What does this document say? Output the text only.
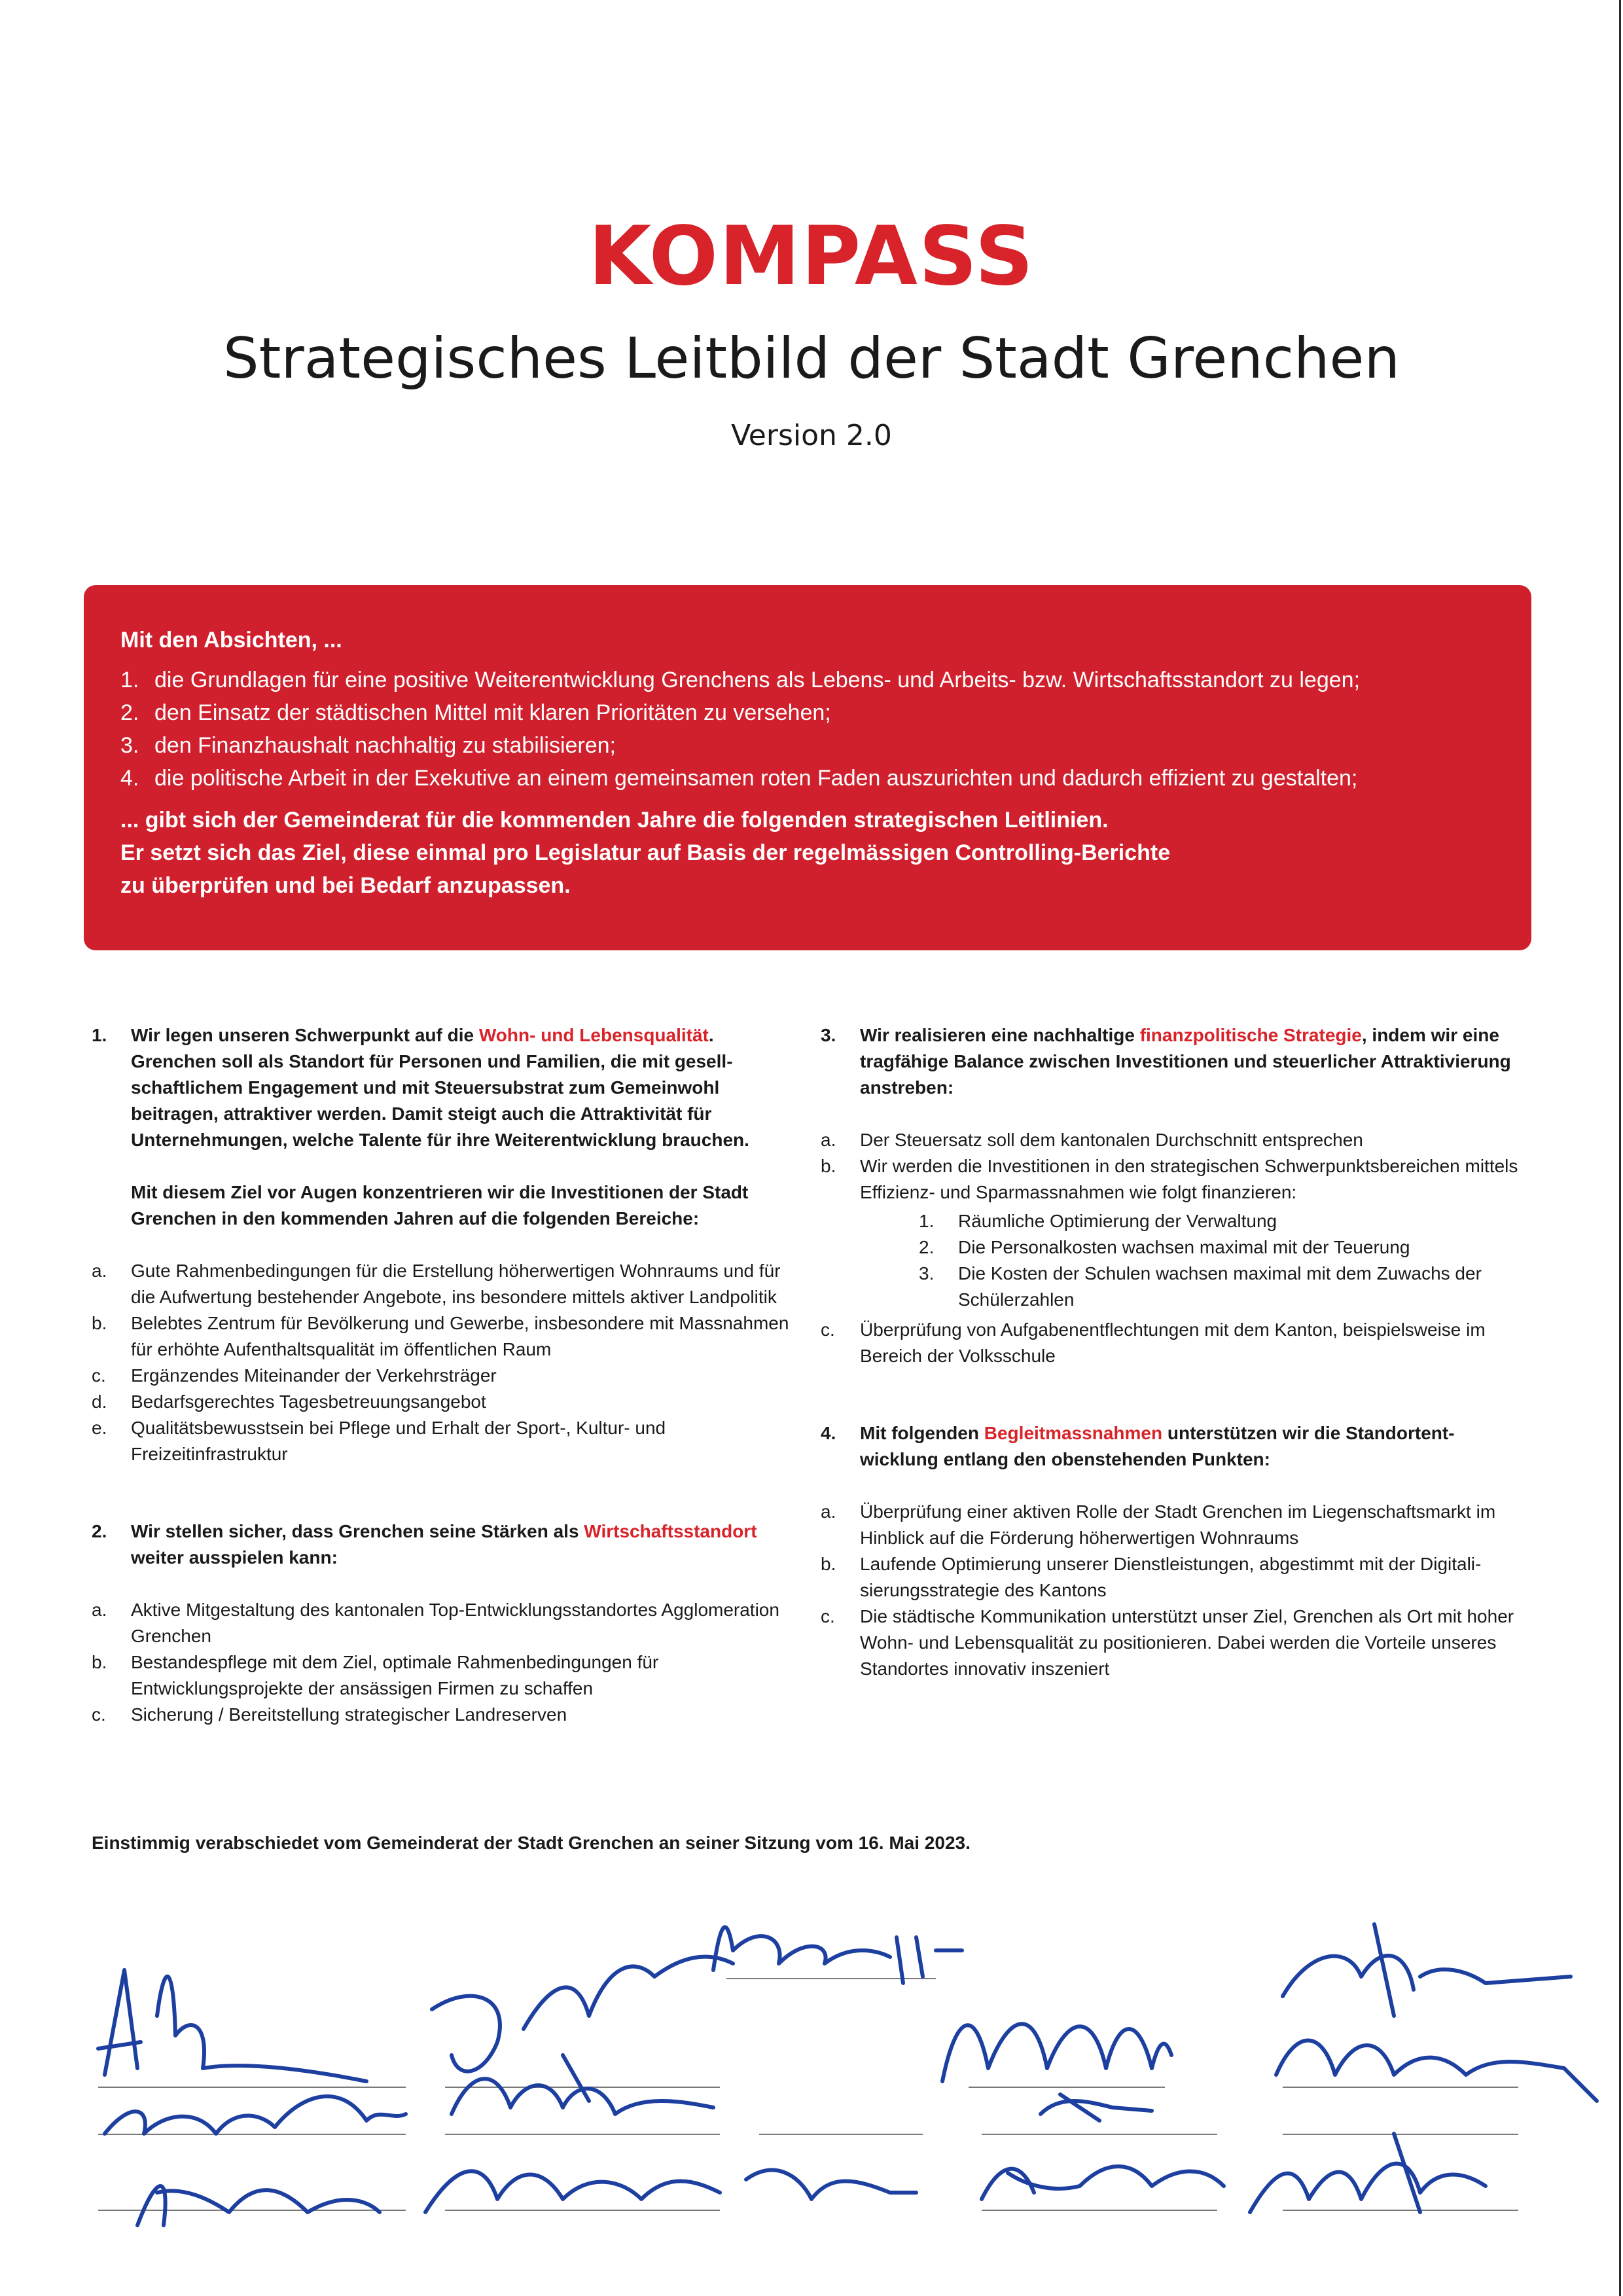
KOMPASS
Strategisches Leitbild der Stadt Grenchen
Version 2.0
Mit den Absichten, ...
1. die Grundlagen für eine positive Weiterentwicklung Grenchens als Lebens- und Arbeits- bzw. Wirtschaftsstandort zu legen;
2. den Einsatz der städtischen Mittel mit klaren Prioritäten zu versehen;
3. den Finanzhaushalt nachhaltig zu stabilisieren;
4. die politische Arbeit in der Exekutive an einem gemeinsamen roten Faden auszurichten und dadurch effizient zu gestalten;
... gibt sich der Gemeinderat für die kommenden Jahre die folgenden strategischen Leitlinien.
Er setzt sich das Ziel, diese einmal pro Legislatur auf Basis der regelmässigen Controlling-Berichte
zu überprüfen und bei Bedarf anzupassen.
1. Wir legen unseren Schwerpunkt auf die Wohn- und Lebensqualität. Grenchen soll als Standort für Personen und Familien, die mit gesell-schaftlichem Engagement und mit Steuersubstrat zum Gemeinwohl beitragen, attraktiver werden. Damit steigt auch die Attraktivität für Unternehmungen, welche Talente für ihre Weiterentwicklung brauchen.
Mit diesem Ziel vor Augen konzentrieren wir die Investitionen der Stadt Grenchen in den kommenden Jahren auf die folgenden Bereiche:
a. Gute Rahmenbedingungen für die Erstellung höherwertigen Wohnraums und für die Aufwertung bestehender Angebote, ins besondere mittels aktiver Landpolitik
b. Belebtes Zentrum für Bevölkerung und Gewerbe, insbesondere mit Massnahmen für erhöhte Aufenthaltsqualität im öffentlichen Raum
c. Ergänzendes Miteinander der Verkehrsträger
d. Bedarfsgerechtes Tagesbetreuungsangebot
e. Qualitätsbewusstsein bei Pflege und Erhalt der Sport-, Kultur- und Freizeitinfrastruktur
2. Wir stellen sicher, dass Grenchen seine Stärken als Wirtschaftsstandort weiter ausspielen kann:
a. Aktive Mitgestaltung des kantonalen Top-Entwicklungsstandortes Agglomeration Grenchen
b. Bestandespflege mit dem Ziel, optimale Rahmenbedingungen für Entwicklungsprojekte der ansässigen Firmen zu schaffen
c. Sicherung / Bereitstellung strategischer Landreserven
3. Wir realisieren eine nachhaltige finanzpolitische Strategie, indem wir eine tragfähige Balance zwischen Investitionen und steuerlicher Attraktivierung anstreben:
a. Der Steuersatz soll dem kantonalen Durchschnitt entsprechen
b. Wir werden die Investitionen in den strategischen Schwerpunktsbereichen mittels Effizienz- und Sparmassnahmen wie folgt finanzieren:
1. Räumliche Optimierung der Verwaltung
2. Die Personalkosten wachsen maximal mit der Teuerung
3. Die Kosten der Schulen wachsen maximal mit dem Zuwachs der Schülerzahlen
c. Überprüfung von Aufgabenentflechtungen mit dem Kanton, beispielsweise im Bereich der Volksschule
4. Mit folgenden Begleitmassnahmen unterstützen wir die Standortent-wicklung entlang den obenstehenden Punkten:
a. Überprüfung einer aktiven Rolle der Stadt Grenchen im Liegenschaftsmarkt im Hinblick auf die Förderung höherwertigen Wohnraums
b. Laufende Optimierung unserer Dienstleistungen, abgestimmt mit der Digitali-sierungsstrategie des Kantons
c. Die städtische Kommunikation unterstützt unser Ziel, Grenchen als Ort mit hoher Wohn- und Lebensqualität zu positionieren. Dabei werden die Vorteile unseres Standortes innovativ inszeniert
Einstimmig verabschiedet vom Gemeinderat der Stadt Grenchen an seiner Sitzung vom 16. Mai 2023.
